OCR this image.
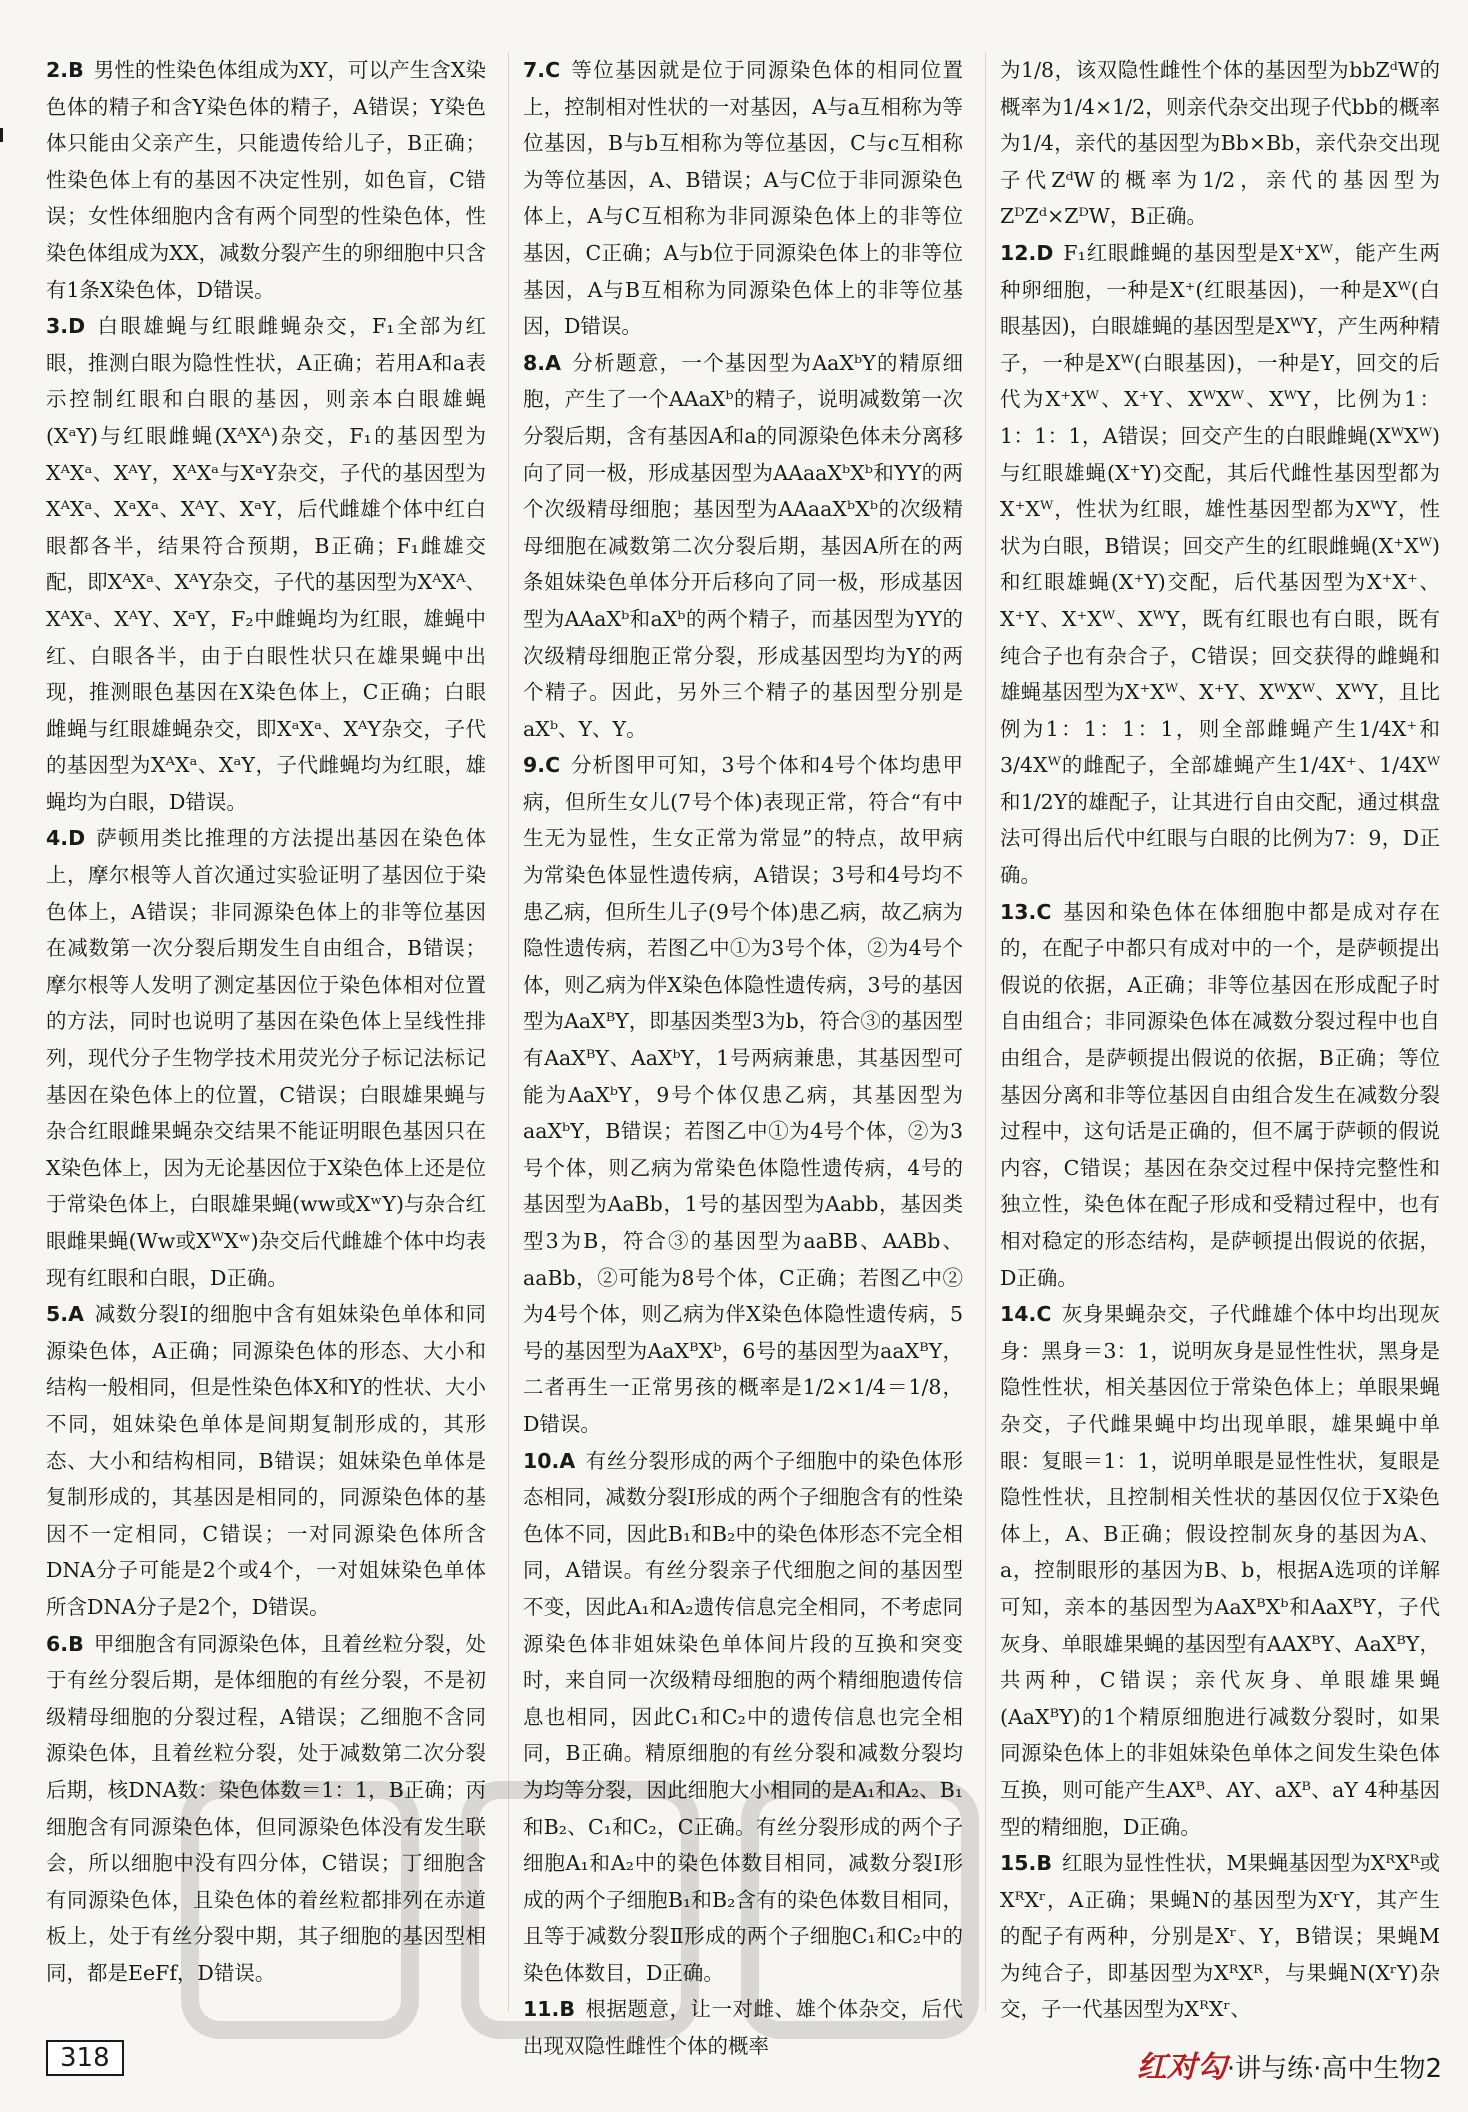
2.B 男性的性染色体组成为XY，可以产生含X染色体的精子和含Y染色体的精子，A错误；Y染色体只能由父亲产生，只能遗传给儿子，B正确；性染色体上有的基因不决定性别，如色盲，C错误；女性体细胞内含有两个同型的性染色体，性染色体组成为XX，减数分裂产生的卵细胞中只含有1条X染色体，D错误。

3.D 白眼雄蝇与红眼雌蝇杂交，F₁全部为红眼，推测白眼为隐性性状，A正确；若用A和a表示控制红眼和白眼的基因，则亲本白眼雄蝇(XᵃY)与红眼雌蝇(XᴬXᴬ)杂交，F₁的基因型为XᴬXᵃ、XᴬY，XᴬXᵃ与XᵃY杂交，子代的基因型为XᴬXᵃ、XᵃXᵃ、XᴬY、XᵃY，后代雌雄个体中红白眼都各半，结果符合预期，B正确；F₁雌雄交配，即XᴬXᵃ、XᴬY杂交，子代的基因型为XᴬXᴬ、XᴬXᵃ、XᴬY、XᵃY，F₂中雌蝇均为红眼，雄蝇中红、白眼各半，由于白眼性状只在雄果蝇中出现，推测眼色基因在X染色体上，C正确；白眼雌蝇与红眼雄蝇杂交，即XᵃXᵃ、XᴬY杂交，子代的基因型为XᴬXᵃ、XᵃY，子代雌蝇均为红眼，雄蝇均为白眼，D错误。

4.D 萨顿用类比推理的方法提出基因在染色体上，摩尔根等人首次通过实验证明了基因位于染色体上，A错误；非同源染色体上的非等位基因在减数第一次分裂后期发生自由组合，B错误；摩尔根等人发明了测定基因位于染色体相对位置的方法，同时也说明了基因在染色体上呈线性排列，现代分子生物学技术用荧光分子标记法标记基因在染色体上的位置，C错误；白眼雄果蝇与杂合红眼雌果蝇杂交结果不能证明眼色基因只在X染色体上，因为无论基因位于X染色体上还是位于常染色体上，白眼雄果蝇(ww或XʷY)与杂合红眼雌果蝇(Ww或XᵂXʷ)杂交后代雌雄个体中均表现有红眼和白眼，D正确。

5.A 减数分裂Ⅰ的细胞中含有姐妹染色单体和同源染色体，A正确；同源染色体的形态、大小和结构一般相同，但是性染色体X和Y的性状、大小不同，姐妹染色单体是间期复制形成的，其形态、大小和结构相同，B错误；姐妹染色单体是复制形成的，其基因是相同的，同源染色体的基因不一定相同，C错误；一对同源染色体所含DNA分子可能是2个或4个，一对姐妹染色单体所含DNA分子是2个，D错误。

6.B 甲细胞含有同源染色体，且着丝粒分裂，处于有丝分裂后期，是体细胞的有丝分裂，不是初级精母细胞的分裂过程，A错误；乙细胞不含同源染色体，且着丝粒分裂，处于减数第二次分裂后期，核DNA数：染色体数＝1：1，B正确；丙细胞含有同源染色体，但同源染色体没有发生联会，所以细胞中没有四分体，C错误；丁细胞含有同源染色体，且染色体的着丝粒都排列在赤道板上，处于有丝分裂中期，其子细胞的基因型相同，都是EeFf，D错误。

7.C 等位基因就是位于同源染色体的相同位置上，控制相对性状的一对基因，A与a互相称为等位基因，B与b互相称为等位基因，C与c互相称为等位基因，A、B错误；A与C位于非同源染色体上，A与C互相称为非同源染色体上的非等位基因，C正确；A与b位于同源染色体上的非等位基因，A与B互相称为同源染色体上的非等位基因，D错误。

8.A 分析题意，一个基因型为AaXᵇY的精原细胞，产生了一个AAaXᵇ的精子，说明减数第一次分裂后期，含有基因A和a的同源染色体未分离移向了同一极，形成基因型为AAaaXᵇXᵇ和YY的两个次级精母细胞；基因型为AAaaXᵇXᵇ的次级精母细胞在减数第二次分裂后期，基因A所在的两条姐妹染色单体分开后移向了同一极，形成基因型为AAaXᵇ和aXᵇ的两个精子，而基因型为YY的次级精母细胞正常分裂，形成基因型均为Y的两个精子。因此，另外三个精子的基因型分别是aXᵇ、Y、Y。

9.C 分析图甲可知，3号个体和4号个体均患甲病，但所生女儿(7号个体)表现正常，符合“有中生无为显性，生女正常为常显”的特点，故甲病为常染色体显性遗传病，A错误；3号和4号均不患乙病，但所生儿子(9号个体)患乙病，故乙病为隐性遗传病，若图乙中①为3号个体，②为4号个体，则乙病为伴X染色体隐性遗传病，3号的基因型为AaXᴮY，即基因类型3为b，符合③的基因型有AaXᴮY、AaXᵇY，1号两病兼患，其基因型可能为AaXᵇY，9号个体仅患乙病，其基因型为aaXᵇY，B错误；若图乙中①为4号个体，②为3号个体，则乙病为常染色体隐性遗传病，4号的基因型为AaBb，1号的基因型为Aabb，基因类型3为B，符合③的基因型为aaBB、AABb、aaBb，②可能为8号个体，C正确；若图乙中②为4号个体，则乙病为伴X染色体隐性遗传病，5号的基因型为AaXᴮXᵇ，6号的基因型为aaXᴮY，二者再生一正常男孩的概率是1/2×1/4＝1/8，D错误。

10.A 有丝分裂形成的两个子细胞中的染色体形态相同，减数分裂Ⅰ形成的两个子细胞含有的性染色体不同，因此B₁和B₂中的染色体形态不完全相同，A错误。有丝分裂亲子代细胞之间的基因型不变，因此A₁和A₂遗传信息完全相同，不考虑同源染色体非姐妹染色单体间片段的互换和突变时，来自同一次级精母细胞的两个精细胞遗传信息也相同，因此C₁和C₂中的遗传信息也完全相同，B正确。精原细胞的有丝分裂和减数分裂均为均等分裂，因此细胞大小相同的是A₁和A₂、B₁和B₂、C₁和C₂，C正确。有丝分裂形成的两个子细胞A₁和A₂中的染色体数目相同，减数分裂Ⅰ形成的两个子细胞B₁和B₂含有的染色体数目相同，且等于减数分裂Ⅱ形成的两个子细胞C₁和C₂中的染色体数目，D正确。

11.B 根据题意，让一对雌、雄个体杂交，后代出现双隐性雌性个体的概率

为1/8，该双隐性雌性个体的基因型为bbZᵈW的概率为1/4×1/2，则亲代杂交出现子代bb的概率为1/4，亲代的基因型为Bb×Bb，亲代杂交出现子代ZᵈW的概率为1/2，亲代的基因型为ZᴰZᵈ×ZᴰW，B正确。

12.D F₁红眼雌蝇的基因型是X⁺Xᵂ，能产生两种卵细胞，一种是X⁺(红眼基因)，一种是Xᵂ(白眼基因)，白眼雄蝇的基因型是XᵂY，产生两种精子，一种是Xᵂ(白眼基因)，一种是Y，回交的后代为X⁺Xᵂ、X⁺Y、XᵂXᵂ、XᵂY，比例为1：1：1：1，A错误；回交产生的白眼雌蝇(XᵂXᵂ)与红眼雄蝇(X⁺Y)交配，其后代雌性基因型都为X⁺Xᵂ，性状为红眼，雄性基因型都为XᵂY，性状为白眼，B错误；回交产生的红眼雌蝇(X⁺Xᵂ)和红眼雄蝇(X⁺Y)交配，后代基因型为X⁺X⁺、X⁺Y、X⁺Xᵂ、XᵂY，既有红眼也有白眼，既有纯合子也有杂合子，C错误；回交获得的雌蝇和雄蝇基因型为X⁺Xᵂ、X⁺Y、XᵂXᵂ、XᵂY，且比例为1：1：1：1，则全部雌蝇产生1/4X⁺和3/4Xᵂ的雌配子，全部雄蝇产生1/4X⁺、1/4Xᵂ和1/2Y的雄配子，让其进行自由交配，通过棋盘法可得出后代中红眼与白眼的比例为7：9，D正确。

13.C 基因和染色体在体细胞中都是成对存在的，在配子中都只有成对中的一个，是萨顿提出假说的依据，A正确；非等位基因在形成配子时自由组合；非同源染色体在减数分裂过程中也自由组合，是萨顿提出假说的依据，B正确；等位基因分离和非等位基因自由组合发生在减数分裂过程中，这句话是正确的，但不属于萨顿的假说内容，C错误；基因在杂交过程中保持完整性和独立性，染色体在配子形成和受精过程中，也有相对稳定的形态结构，是萨顿提出假说的依据，D正确。

14.C 灰身果蝇杂交，子代雌雄个体中均出现灰身：黑身＝3：1，说明灰身是显性性状，黑身是隐性性状，相关基因位于常染色体上；单眼果蝇杂交，子代雌果蝇中均出现单眼，雄果蝇中单眼：复眼＝1：1，说明单眼是显性性状，复眼是隐性性状，且控制相关性状的基因仅位于X染色体上，A、B正确；假设控制灰身的基因为A、a，控制眼形的基因为B、b，根据A选项的详解可知，亲本的基因型为AaXᴮXᵇ和AaXᴮY，子代灰身、单眼雄果蝇的基因型有AAXᴮY、AaXᴮY，共两种，C错误；亲代灰身、单眼雄果蝇(AaXᴮY)的1个精原细胞进行减数分裂时，如果同源染色体上的非姐妹染色单体之间发生染色体互换，则可能产生AXᴮ、AY、aXᴮ、aY 4种基因型的精细胞，D正确。

15.B 红眼为显性性状，M果蝇基因型为XᴿXᴿ或XᴿXʳ，A正确；果蝇N的基因型为XʳY，其产生的配子有两种，分别是Xʳ、Y，B错误；果蝇M为纯合子，即基因型为XᴿXᴿ，与果蝇N(XʳY)杂交，子一代基因型为XᴿXʳ、

318	红对勾·讲与练·高中生物2
